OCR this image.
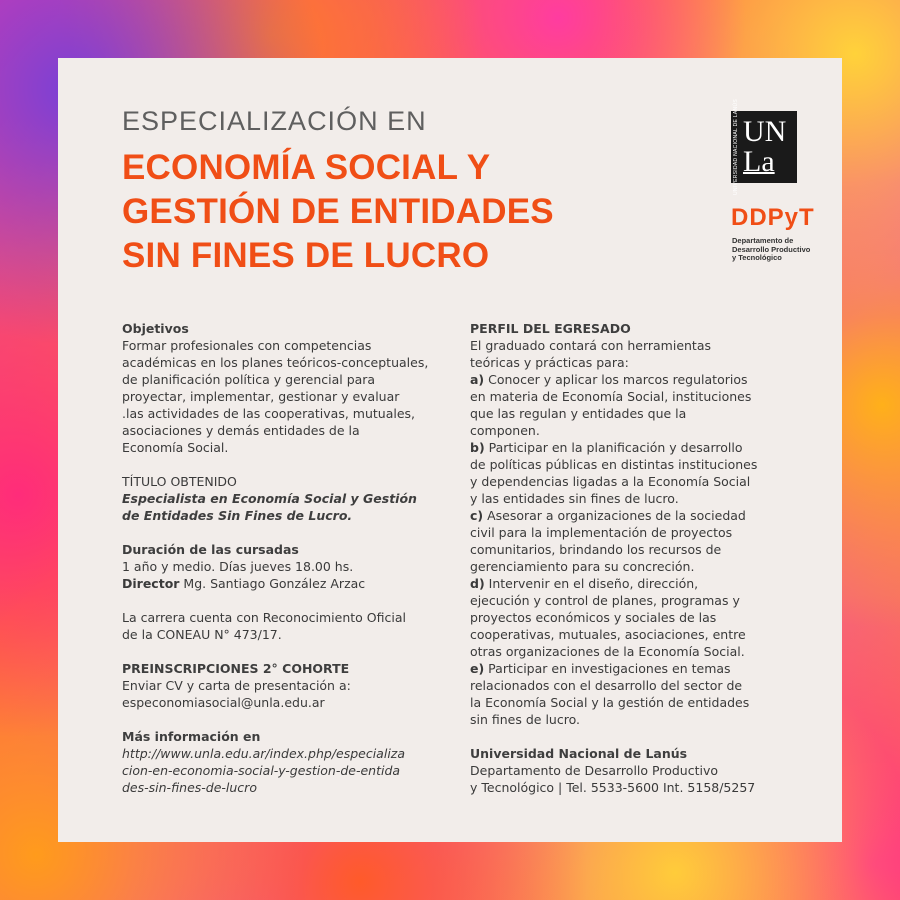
ESPECIALIZACIÓN EN
ECONOMÍA SOCIAL Y
GESTIÓN DE ENTIDADES
SIN FINES DE LUCRO
UNIVERSIDAD NACIONAL DE LANÚS UN
La
DDPyT
Departamento de
Desarrollo Productivo
y Tecnológico
Objetivos
Formar profesionales con competencias
académicas en los planes teóricos-conceptuales,
de planificación política y gerencial para
proyectar, implementar, gestionar y evaluar
.las actividades de las cooperativas, mutuales,
asociaciones y demás entidades de la
Economía Social.
TÍTULO OBTENIDO
Especialista en Economía Social y Gestión
de Entidades Sin Fines de Lucro.
Duración de las cursadas
1 año y medio. Días jueves 18.00 hs.
Director Mg. Santiago González Arzac
La carrera cuenta con Reconocimiento Oficial
de la CONEAU N° 473/17.
PREINSCRIPCIONES 2° COHORTE
Enviar CV y carta de presentación a:
especonomiasocial@unla.edu.ar
Más información en
http://www.unla.edu.ar/index.php/especializa
cion-en-economia-social-y-gestion-de-entida
des-sin-fines-de-lucro
PERFIL DEL EGRESADO
El graduado contará con herramientas
teóricas y prácticas para:
a) Conocer y aplicar los marcos regulatorios
en materia de Economía Social, instituciones
que las regulan y entidades que la
componen.
b) Participar en la planificación y desarrollo
de políticas públicas en distintas instituciones
y dependencias ligadas a la Economía Social
y las entidades sin fines de lucro.
c) Asesorar a organizaciones de la sociedad
civil para la implementación de proyectos
comunitarios, brindando los recursos de
gerenciamiento para su concreción.
d) Intervenir en el diseño, dirección,
ejecución y control de planes, programas y
proyectos económicos y sociales de las
cooperativas, mutuales, asociaciones, entre
otras organizaciones de la Economía Social.
e) Participar en investigaciones en temas
relacionados con el desarrollo del sector de
la Economía Social y la gestión de entidades
sin fines de lucro.
Universidad Nacional de Lanús
Departamento de Desarrollo Productivo
y Tecnológico | Tel. 5533-5600 Int. 5158/5257
